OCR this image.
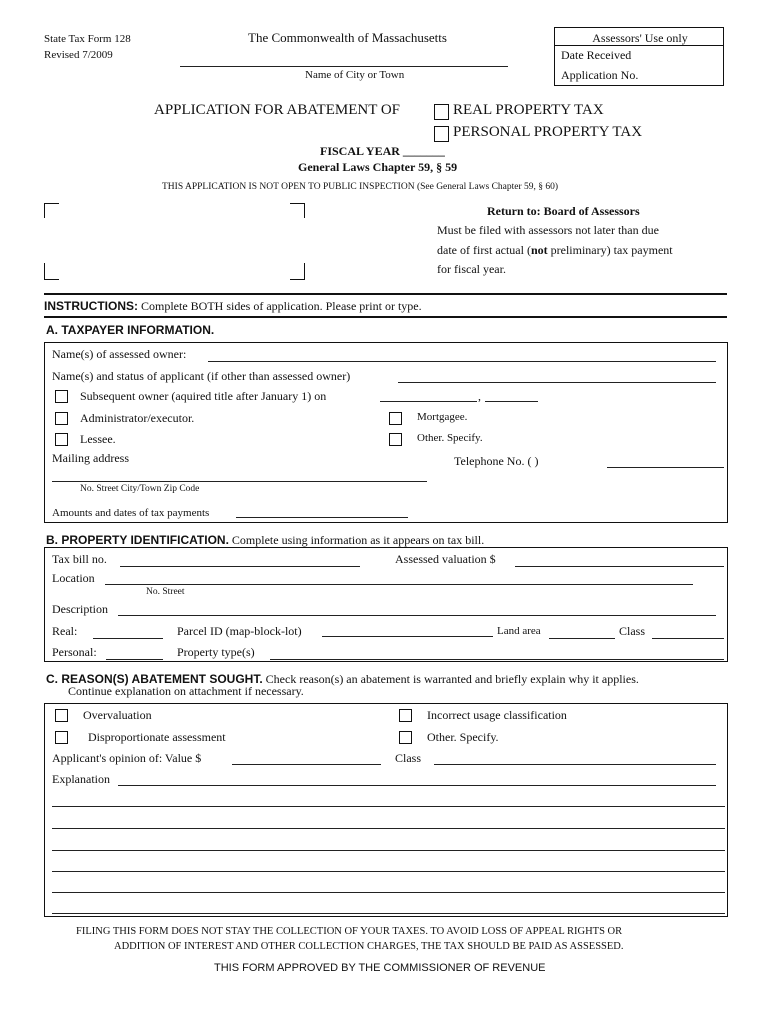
State Tax Form 128
Revised 7/2009
The Commonwealth of Massachusetts
Name of City or Town
Assessors' Use only
Date Received
Application No.
APPLICATION FOR ABATEMENT OF	REAL PROPERTY TAX
PERSONAL PROPERTY TAX
FISCAL YEAR _______
General Laws Chapter 59, § 59
THIS APPLICATION IS NOT OPEN TO PUBLIC INSPECTION (See General Laws Chapter 59, § 60)
Return to: Board of Assessors
Must be filed with assessors not later than due
date of first actual (not preliminary) tax payment
for fiscal year.
INSTRUCTIONS: Complete BOTH sides of application. Please print or type.
A. TAXPAYER INFORMATION.
Name(s) of assessed owner:
Name(s) and status of applicant (if other than assessed owner)
Subsequent owner (aquired title after January 1) on	,
Administrator/executor.	Mortgagee.
Lessee.	Other. Specify.
Mailing address	Telephone No. ( )
No. Street City/Town Zip Code
Amounts and dates of tax payments
B. PROPERTY IDENTIFICATION. Complete using information as it appears on tax bill.
Tax bill no.	Assessed valuation $
Location
No. Street
Description
Real:	Parcel ID (map-block-lot)	Land area	Class
Personal:	Property type(s)
C. REASON(S) ABATEMENT SOUGHT. Check reason(s) an abatement is warranted and briefly explain why it applies.
Continue explanation on attachment if necessary.
Overvaluation	Incorrect usage classification
Disproportionate assessment	Other. Specify.
Applicant's opinion of: Value $	Class
Explanation
FILING THIS FORM DOES NOT STAY THE COLLECTION OF YOUR TAXES. TO AVOID LOSS OF APPEAL RIGHTS OR
ADDITION OF INTEREST AND OTHER COLLECTION CHARGES, THE TAX SHOULD BE PAID AS ASSESSED.
THIS FORM APPROVED BY THE COMMISSIONER OF REVENUE
